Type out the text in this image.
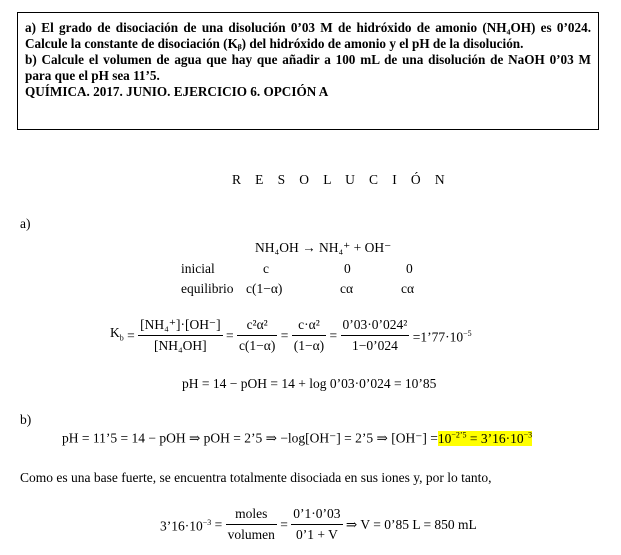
a) El grado de disociación de una disolución 0’03 M de hidróxido de amonio (NH₄OH) es 0’024. Calcule la constante de disociación (Kᵦ) del hidróxido de amonio y el pH de la disolución.

b) Calcule el volumen de agua que hay que añadir a 100 mL de una disolución de NaOH 0’03 M para que el pH sea 11’5.

QUÍMICA. 2017. JUNIO. EJERCICIO 6. OPCIÓN A

R E S O L U C I Ó N
a)
NH₄OH → NH₄⁺ + OH⁻
inicial	c	0	0
equilibrio c(1−α)	cα	cα
$K_b = \frac{\text{[NH₄⁺]·[OH⁻]}}{\text{[NH₄OH]}} = \frac{\text{c²α²}}{c(1-\alpha)} = \frac{\text{c·α²}}{(1-\alpha)} = \frac{\text{0’03·0’024²}}{1-0’024}$ $=1’77\cdot 10^{-5}$
pH = 14 − pOH = 14 + log 0’03·0’024 = 10’85
b)
pH = 11’5 = 14 − pOH ⇒ pOH = 2’5 ⇒ −log[OH⁻] = 2’5 ⇒ $[OH^-] =10^{-2’5}$ = $3’16\cdot 10^{-3}$
Como es una base fuerte, se encuentra totalmente disociada en sus iones y, por lo tanto,
$3’16\cdot 10^{-3} = \frac{\text{moles}}{\text{volumen}} = \frac{0’1\cdot 0’03}{0’1 + V}$ ⇒ V = 0’85 L = 850 mL
